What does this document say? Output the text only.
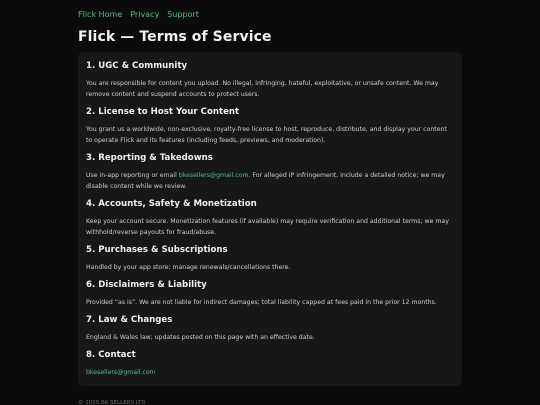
Flick Home Privacy Support
Flick — Terms of Service
1. UGC & Community

You are responsible for content you upload. No illegal, infringing, hateful, exploitative, or unsafe content. We may remove content and suspend accounts to protect users.

2. License to Host Your Content

You grant us a worldwide, non-exclusive, royalty-free license to host, reproduce, distribute, and display your content to operate Flick and its features (including feeds, previews, and moderation).

3. Reporting & Takedowns

Use in-app reporting or email bkesellers@gmail.com. For alleged IP infringement, include a detailed notice; we may disable content while we review.

4. Accounts, Safety & Monetization

Keep your account secure. Monetization features (if available) may require verification and additional terms; we may withhold/reverse payouts for fraud/abuse.

5. Purchases & Subscriptions

Handled by your app store; manage renewals/cancellations there.

6. Disclaimers & Liability

Provided “as is”. We are not liable for indirect damages; total liability capped at fees paid in the prior 12 months.

7. Law & Changes

England & Wales law; updates posted on this page with an effective date.

8. Contact

bkesellers@gmail.com

© 2025 BK SELLERS LTD
